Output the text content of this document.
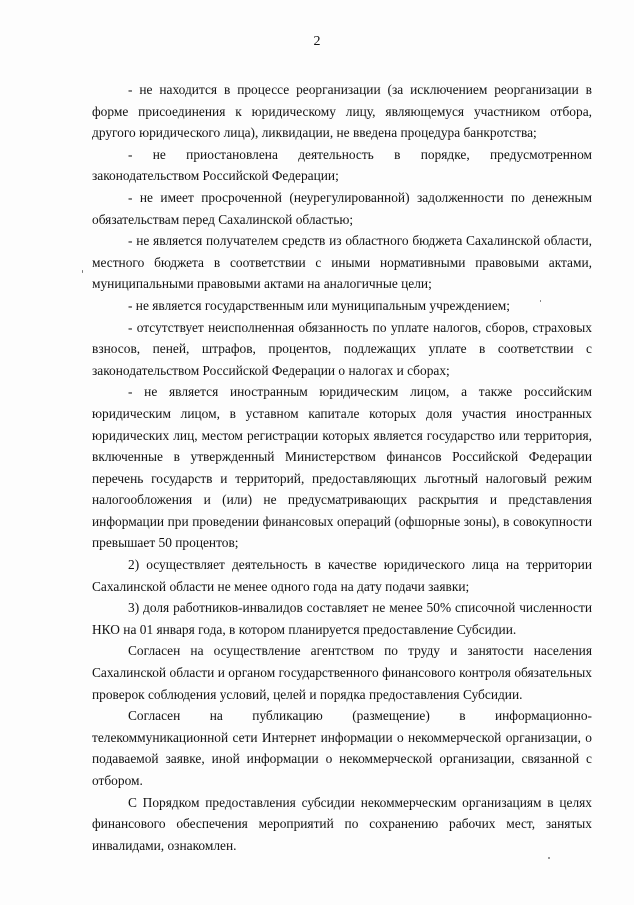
2

- не находится в процессе реорганизации (за исключением реорганизации в форме присоединения к юридическому лицу, являющемуся участником отбора, другого юридического лица), ликвидации, не введена процедура банкротства;

- не приостановлена деятельность в порядке, предусмотренном законодательством Российской Федерации;

- не имеет просроченной (неурегулированной) задолженности по денежным обязательствам перед Сахалинской областью;

- не является получателем средств из областного бюджета Сахалинской области, местного бюджета в соответствии с иными нормативными правовыми актами, муниципальными правовыми актами на аналогичные цели;

- не является государственным или муниципальным учреждением;

- отсутствует неисполненная обязанность по уплате налогов, сборов, страховых взносов, пеней, штрафов, процентов, подлежащих уплате в соответствии с законодательством Российской Федерации о налогах и сборах;

- не является иностранным юридическим лицом, а также российским юридическим лицом, в уставном капитале которых доля участия иностранных юридических лиц, местом регистрации которых является государство или территория, включенные в утвержденный Министерством финансов Российской Федерации перечень государств и территорий, предоставляющих льготный налоговый режим налогообложения и (или) не предусматривающих раскрытия и представления информации при проведении финансовых операций (офшорные зоны), в совокупности превышает 50 процентов;

2) осуществляет деятельность в качестве юридического лица на территории Сахалинской области не менее одного года на дату подачи заявки;

3) доля работников-инвалидов составляет не менее 50% списочной численности НКО на 01 января года, в котором планируется предоставление Субсидии.

Согласен на осуществление агентством по труду и занятости населения Сахалинской области и органом государственного финансового контроля обязательных проверок соблюдения условий, целей и порядка предоставления Субсидии.

Согласен на публикацию (размещение) в информационно-телекоммуникационной сети Интернет информации о некоммерческой организации, о подаваемой заявке, иной информации о некоммерческой организации, связанной с отбором.

С Порядком предоставления субсидии некоммерческим организациям в целях финансового обеспечения мероприятий по сохранению рабочих мест, занятых инвалидами, ознакомлен.
